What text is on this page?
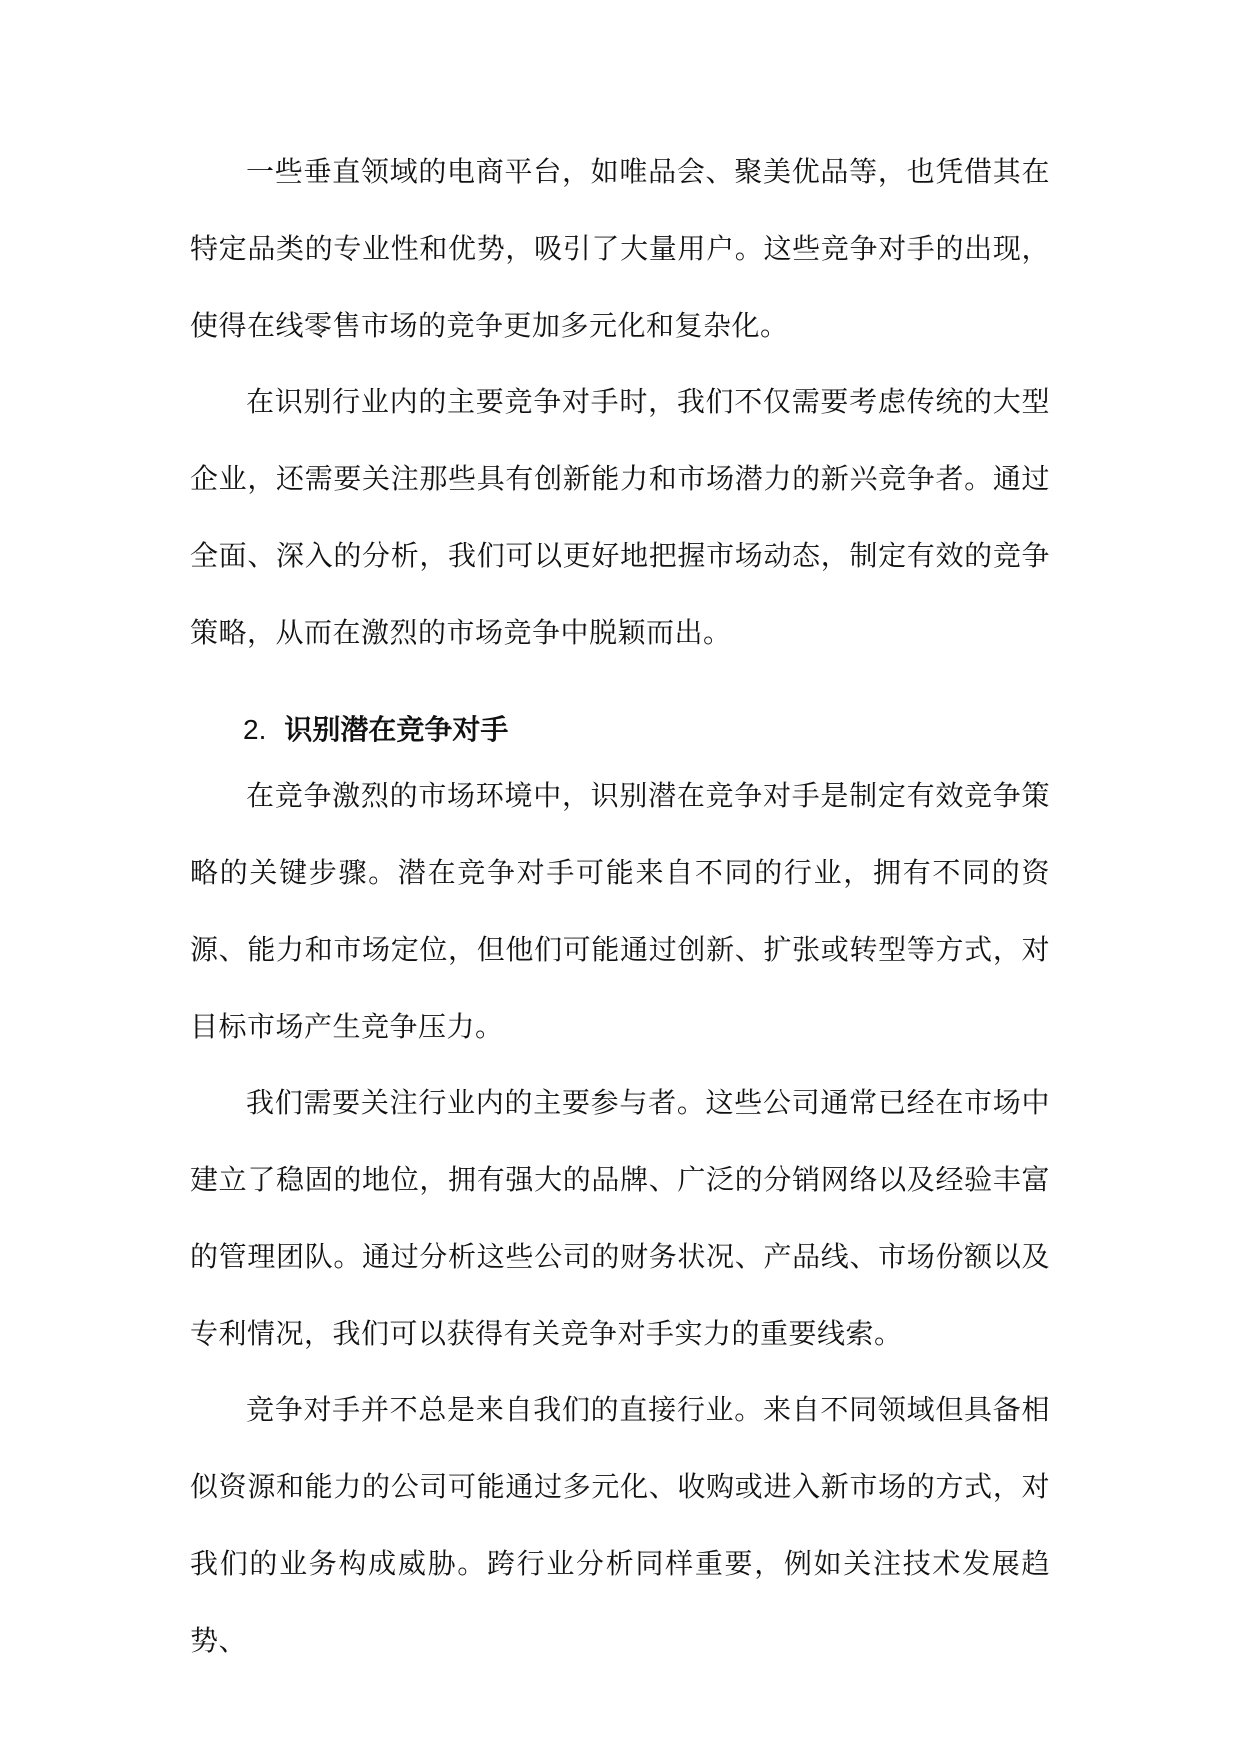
一些垂直领域的电商平台，如唯品会、聚美优品等，也凭借其在特定品类的专业性和优势，吸引了大量用户。这些竞争对手的出现，使得在线零售市场的竞争更加多元化和复杂化。
在识别行业内的主要竞争对手时，我们不仅需要考虑传统的大型企业，还需要关注那些具有创新能力和市场潜力的新兴竞争者。通过全面、深入的分析，我们可以更好地把握市场动态，制定有效的竞争策略，从而在激烈的市场竞争中脱颖而出。
2. 识别潜在竞争对手
在竞争激烈的市场环境中，识别潜在竞争对手是制定有效竞争策略的关键步骤。潜在竞争对手可能来自不同的行业，拥有不同的资源、能力和市场定位，但他们可能通过创新、扩张或转型等方式，对目标市场产生竞争压力。
我们需要关注行业内的主要参与者。这些公司通常已经在市场中建立了稳固的地位，拥有强大的品牌、广泛的分销网络以及经验丰富的管理团队。通过分析这些公司的财务状况、产品线、市场份额以及专利情况，我们可以获得有关竞争对手实力的重要线索。
竞争对手并不总是来自我们的直接行业。来自不同领域但具备相似资源和能力的公司可能通过多元化、收购或进入新市场的方式，对我们的业务构成威胁。跨行业分析同样重要，例如关注技术发展趋势、
